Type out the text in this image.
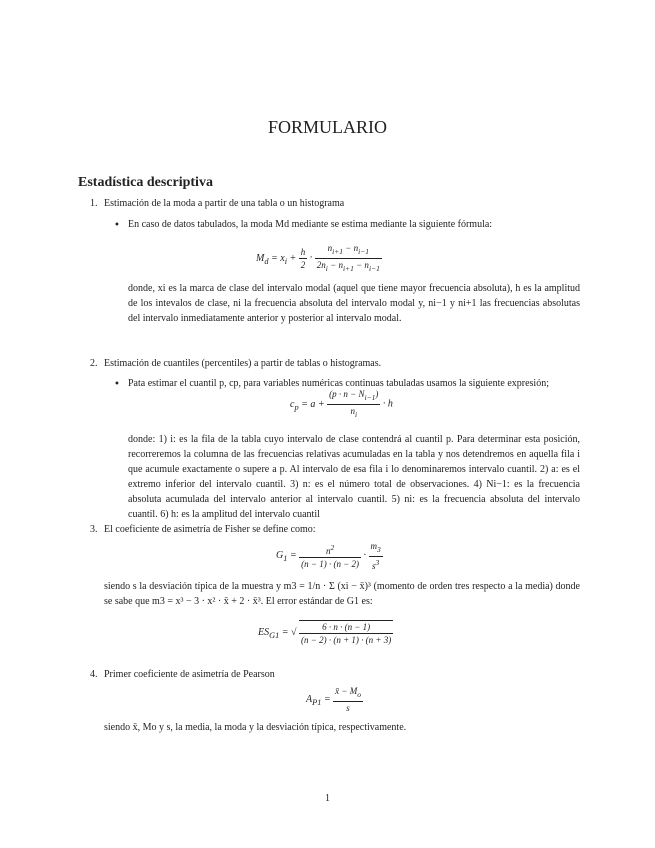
FORMULARIO
Estadística descriptiva
1. Estimación de la moda a partir de una tabla o un histograma
• En caso de datos tabulados, la moda Md mediante se estima mediante la siguiente fórmula:
$M_d = x_i + \frac{h}{2} \cdot \frac{n_{i+1} - n_{i-1}}{2n_i - n_{i+1} - n_{i-1}}$
donde, xi es la marca de clase del intervalo modal (aquel que tiene mayor frecuencia absoluta), h es la amplitud de los intevalos de clase, ni la frecuencia absoluta del intervalo modal y, ni−1 y ni+1 las frecuencias absolutas del intervalo inmediatamente anterior y posterior al intervalo modal.
2. Estimación de cuantiles (percentiles) a partir de tablas o histogramas.
• Pata estimar el cuantil p, cp, para variables numéricas continuas tabuladas usamos la siguiente expresión;
$c_p = a + \frac{(p \cdot n - N_{i-1})}{n_i} \cdot h$
donde: 1) i: es la fila de la tabla cuyo intervalo de clase contendrá al cuantil p. Para determinar esta posición, recorreremos la columna de las frecuencias relativas acumuladas en la tabla y nos detendremos en aquella fila i que acumule exactamente o supere a p. Al intervalo de esa fila i lo denominaremos intervalo cuantil. 2) a: es el extremo inferior del intervalo cuantil. 3) n: es el número total de observaciones. 4) Ni−1: es la frecuencia absoluta acumulada del intervalo anterior al intervalo cuantil. 5) ni: es la frecuencia absoluta del intervalo cuantil. 6) h: es la amplitud del intervalo cuantil
3. El coeficiente de asimetría de Fisher se define como:
$G_1 = \frac{n^2}{(n - 1) \cdot (n - 2)} \cdot \frac{m_3}{s^3}$
siendo s la desviación típica de la muestra y m3 = 1/n · Σ (xi − x̄)³ (momento de orden tres respecto a la media) donde se sabe que m3 = x³ − 3 · x² · x̄ + 2 · x̄³. El error estándar de G1 es:
$ES_{G1}$ = √ $\frac{6 \cdot n \cdot (n - 1)}{(n - 2) \cdot (n + 1) \cdot (n + 3)}$
4. Primer coeficiente de asimetría de Pearson
$A_{P1} = \frac{x̄ - M_o}{s}$
siendo x̄, Mo y s, la media, la moda y la desviación típica, respectivamente.
1
